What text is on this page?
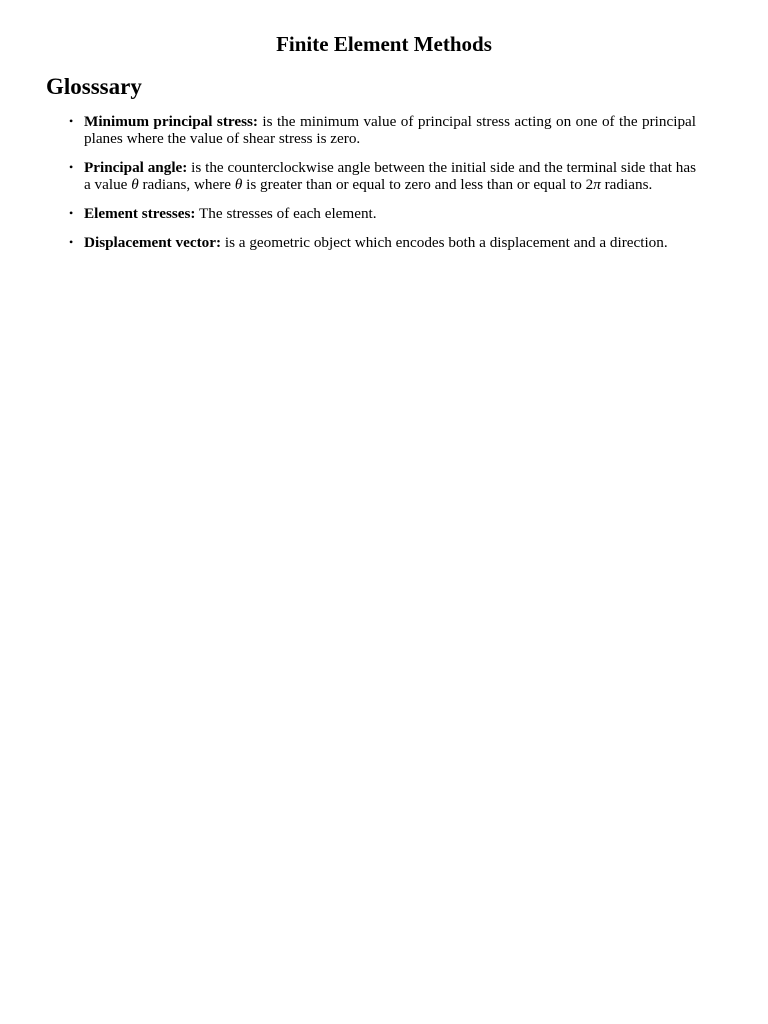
Finite Element Methods
Glosssary
• Minimum principal stress: is the minimum value of principal stress acting on one of the principal planes where the value of shear stress is zero.
• Principal angle: is the counterclockwise angle between the initial side and the terminal side that has a value θ radians, where θ is greater than or equal to zero and less than or equal to 2π radians.
• Element stresses: The stresses of each element.
• Displacement vector: is a geometric object which encodes both a displacement and a direction.
